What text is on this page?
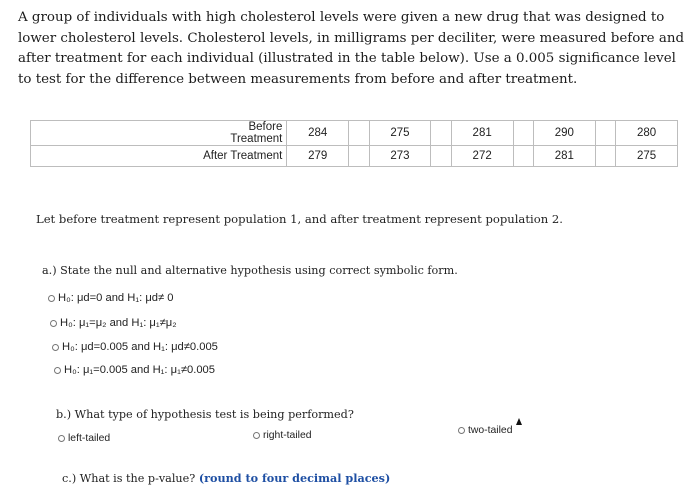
A group of individuals with high cholesterol levels were given a new drug that was designed to lower cholesterol levels. Cholesterol levels, in milligrams per deciliter, were measured before and after treatment for each individual (illustrated in the table below). Use a 0.005 significance level to test for the difference between measurements from before and after treatment.
	Before Treatment	284		275		281		290		280
	After Treatment	279		273		272		281		275
Let before treatment represent population 1, and after treatment represent population 2.
a.) State the null and alternative hypothesis using correct symbolic form.
H₀: μd=0 and H₁: μd≠ 0
H₀: μ₁=μ₂ and H₁: μ₁≠μ₂
H₀: μd=0.005 and H₁: μd≠0.005
H₀: μ₁=0.005 and H₁: μ₁≠0.005
b.) What type of hypothesis test is being performed?
left-tailed	right-tailed	two-tailed
c.) What is the p-value? (round to four decimal places)
